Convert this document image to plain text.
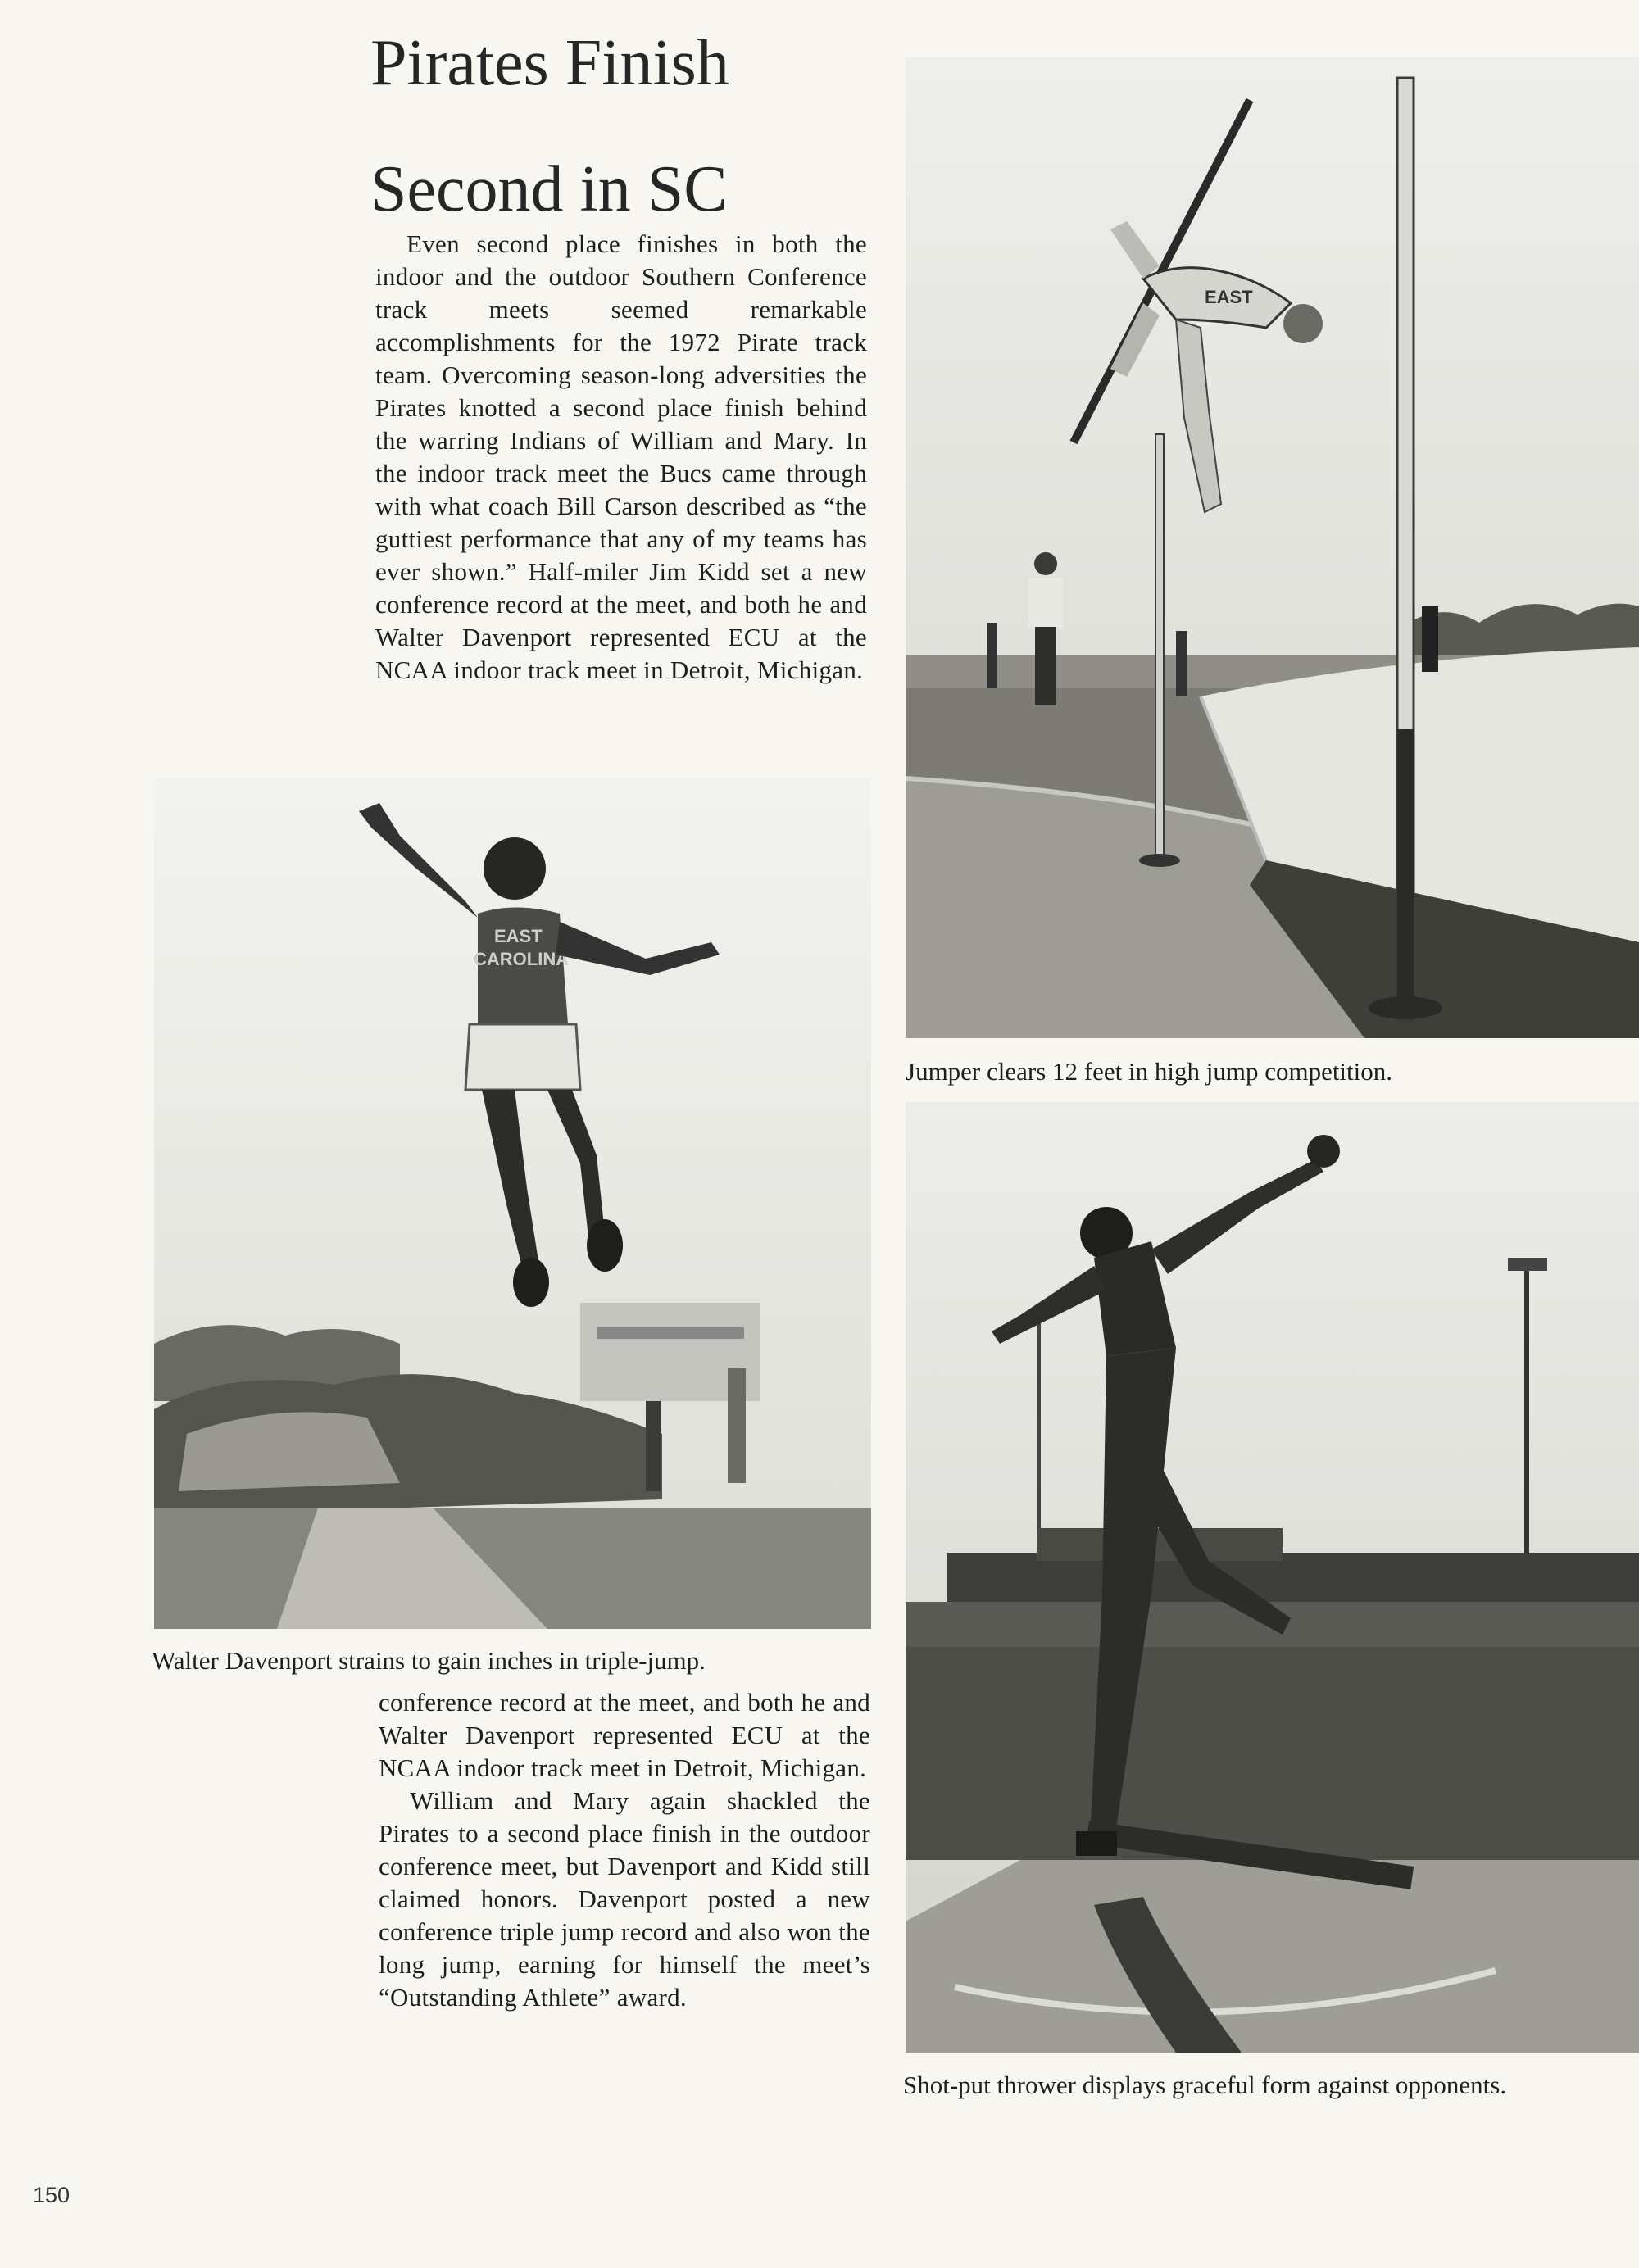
Pirates Finish
Second in SC

Even second place finishes in both the indoor and the outdoor Southern Conference track meets seemed remarkable accomplishments for the 1972 Pirate track team. Overcoming season-long adversities the Pirates knotted a second place finish behind the warring Indians of William and Mary. In the indoor track meet the Bucs came through with what coach Bill Carson described as “the guttiest performance that any of my teams has ever shown.” Half-miler Jim Kidd set a new conference record at the meet, and both he and Walter Davenport represented ECU at the NCAA indoor track meet in Detroit, Michigan.

EAST
Jumper clears 12 feet in high jump competition.
EAST
CAROLINA
Walter Davenport strains to gain inches in triple-jump.

conference record at the meet, and both he and Walter Davenport represented ECU at the NCAA indoor track meet in Detroit, Michigan.

William and Mary again shackled the Pirates to a second place finish in the outdoor conference meet, but Davenport and Kidd still claimed honors. Davenport posted a new conference triple jump record and also won the long jump, earning for himself the meet’s “Outstanding Athlete” award.

Shot-put thrower displays graceful form against opponents.
150
